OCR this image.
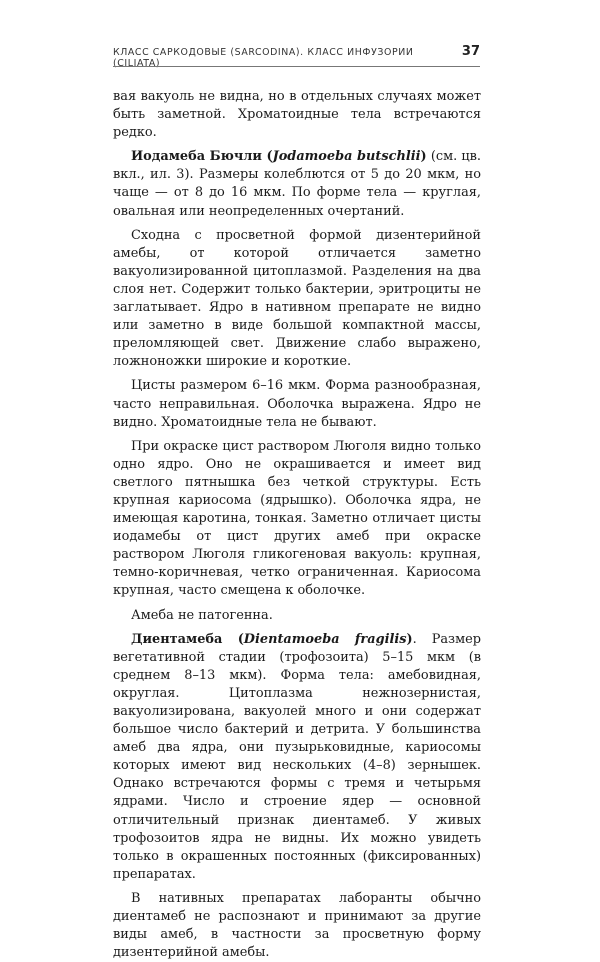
КЛАСС САРКОДОВЫЕ (SARCODINA). КЛАСС ИНФУЗОРИИ (CILIATA)
37

вая вакуоль не видна, но в отдельных случаях может быть заметной. Хроматоидные тела встречаются редко.

Иодамеба Бючли (Jodamoeba butschlii) (см. цв. вкл., ил. 3). Размеры колеблются от 5 до 20 мкм, но чаще — от 8 до 16 мкм. По форме тела — круглая, овальная или неопределенных очертаний.

Сходна с просветной формой дизентерийной амебы, от которой отличается заметно вакуолизированной цитоплазмой. Разделения на два слоя нет. Содержит только бактерии, эритроциты не заглатывает. Ядро в нативном препарате не видно или заметно в виде большой компактной массы, преломляющей свет. Движение слабо выражено, ложноножки широкие и короткие.

Цисты размером 6–16 мкм. Форма разнообразная, часто неправильная. Оболочка выражена. Ядро не видно. Хроматоидные тела не бывают.

При окраске цист раствором Люголя видно только одно ядро. Оно не окрашивается и имеет вид светлого пятнышка без четкой структуры. Есть крупная кариосома (ядрышко). Оболочка ядра, не имеющая каротина, тонкая. Заметно отличает цисты иодамебы от цист других амеб при окраске раствором Люголя гликогеновая вакуоль: крупная, темно-коричневая, четко ограниченная. Кариосома крупная, часто смещена к оболочке.

Амеба не патогенна.

Диентамеба (Dientamoeba fragilis). Размер вегетативной стадии (трофозоита) 5–15 мкм (в среднем 8–13 мкм). Форма тела: амебовидная, округлая. Цитоплазма нежнозернистая, вакуолизирована, вакуолей много и они содержат большое число бактерий и детрита. У большинства амеб два ядра, они пузырьковидные, кариосомы которых имеют вид нескольких (4–8) зернышек. Однако встречаются формы с тремя и четырьмя ядрами. Число и строение ядер — основной отличительный признак диентамеб. У живых трофозоитов ядра не видны. Их можно увидеть только в окрашенных постоянных (фиксированных) препаратах.

В нативных препаратах лаборанты обычно диентамеб не распознают и принимают за другие виды амеб, в частности за просветную форму дизентерийной амебы.
